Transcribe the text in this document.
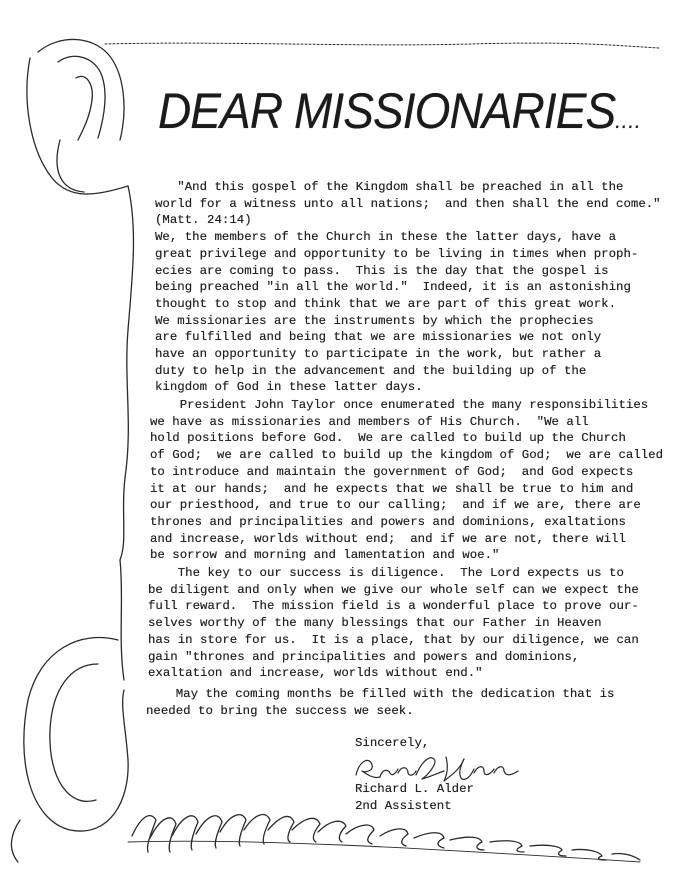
DEAR MISSIONARIES....

"And this gospel of the Kingdom shall be preached in all the
world for a witness unto all nations;  and then shall the end come."
(Matt. 24:14)
We, the members of the Church in these the latter days, have a
great privilege and opportunity to be living in times when proph-
ecies are coming to pass.  This is the day that the gospel is
being preached "in all the world."  Indeed, it is an astonishing
thought to stop and think that we are part of this great work.
We missionaries are the instruments by which the prophecies
are fulfilled and being that we are missionaries we not only
have an opportunity to participate in the work, but rather a
duty to help in the advancement and the building up of the
kingdom of God in these latter days.

President John Taylor once enumerated the many responsibilities
we have as missionaries and members of His Church.  "We all
hold positions before God.  We are called to build up the Church
of God;  we are called to build up the kingdom of God;  we are called
to introduce and maintain the government of God;  and God expects
it at our hands;  and he expects that we shall be true to him and
our priesthood, and true to our calling;  and if we are, there are
thrones and principalities and powers and dominions, exaltations
and increase, worlds without end;  and if we are not, there will
be sorrow and morning and lamentation and woe."

The key to our success is diligence.  The Lord expects us to
be diligent and only when we give our whole self can we expect the
full reward.  The mission field is a wonderful place to prove our-
selves worthy of the many blessings that our Father in Heaven
has in store for us.  It is a place, that by our diligence, we can
gain "thrones and principalities and powers and dominions,
exaltation and increase, worlds without end."

May the coming months be filled with the dedication that is
needed to bring the success we seek.

Sincerely,

Richard L. Alder
2nd Assistent
